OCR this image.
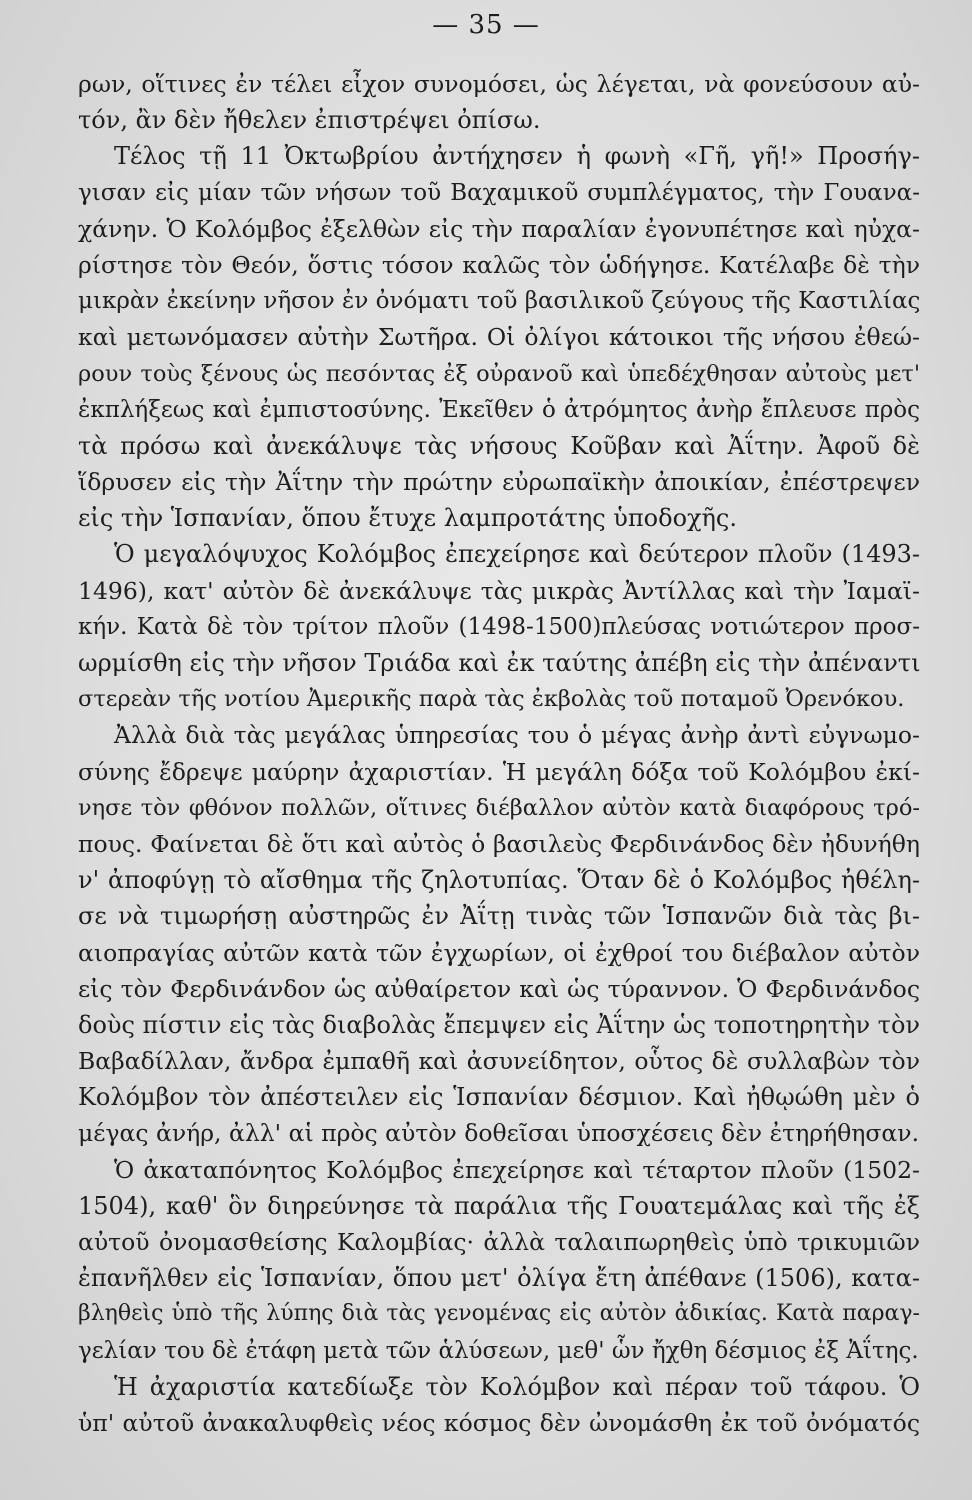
— 35 —
ρων, οἵτινες ἐν τέλει εἶχον συνομόσει, ὡς λέγεται, νὰ φονεύσουν αὐ-
τόν, ἂν δὲν ἤθελεν ἐπιστρέψει ὀπίσω.
Τέλος τῇ 11 Ὀκτωβρίου ἀντήχησεν ἡ φωνὴ «Γῆ, γῆ!» Προσήγ-
γισαν εἰς μίαν τῶν νήσων τοῦ Βαχαμικοῦ συμπλέγματος, τὴν Γουανα-
χάνην. Ὁ Κολόμβος ἐξελθὼν εἰς τὴν παραλίαν ἐγονυπέτησε καὶ ηὐχα-
ρίστησε τὸν Θεόν, ὅστις τόσον καλῶς τὸν ὡδήγησε. Κατέλαβε δὲ τὴν
μικρὰν ἐκείνην νῆσον ἐν ὀνόματι τοῦ βασιλικοῦ ζεύγους τῆς Καστιλίας
καὶ μετωνόμασεν αὐτὴν Σωτῆρα. Οἱ ὀλίγοι κάτοικοι τῆς νήσου ἐθεώ-
ρουν τοὺς ξένους ὡς πεσόντας ἐξ οὐρανοῦ καὶ ὑπεδέχθησαν αὐτοὺς μετ'
ἐκπλήξεως καὶ ἐμπιστοσύνης. Ἐκεῖθεν ὁ ἀτρόμητος ἀνὴρ ἔπλευσε πρὸς
τὰ πρόσω καὶ ἀνεκάλυψε τὰς νήσους Κοῦβαν καὶ Ἀΐτην. Ἀφοῦ δὲ
ἵδρυσεν εἰς τὴν Ἀΐτην τὴν πρώτην εὐρωπαϊκὴν ἀποικίαν, ἐπέστρεψεν
εἰς τὴν Ἱσπανίαν, ὅπου ἔτυχε λαμπροτάτης ὑποδοχῆς.
Ὁ μεγαλόψυχος Κολόμβος ἐπεχείρησε καὶ δεύτερον πλοῦν (1493-
1496), κατ' αὐτὸν δὲ ἀνεκάλυψε τὰς μικρὰς Ἀντίλλας καὶ τὴν Ἰαμαϊ-
κήν. Κατὰ δὲ τὸν τρίτον πλοῦν (1498-1500)πλεύσας νοτιώτερον προσ-
ωρμίσθη εἰς τὴν νῆσον Τριάδα καὶ ἐκ ταύτης ἀπέβη εἰς τὴν ἀπέναντι
στερεὰν τῆς νοτίου Ἀμερικῆς παρὰ τὰς ἐκβολὰς τοῦ ποταμοῦ Ὀρενόκου.
Ἀλλὰ διὰ τὰς μεγάλας ὑπηρεσίας του ὁ μέγας ἀνὴρ ἀντὶ εὐγνωμο-
σύνης ἔδρεψε μαύρην ἀχαριστίαν. Ἡ μεγάλη δόξα τοῦ Κολόμβου ἐκί-
νησε τὸν φθόνον πολλῶν, οἵτινες διέβαλλον αὐτὸν κατὰ διαφόρους τρό-
πους. Φαίνεται δὲ ὅτι καὶ αὐτὸς ὁ βασιλεὺς Φερδινάνδος δὲν ἠδυνήθη
ν' ἀποφύγῃ τὸ αἴσθημα τῆς ζηλοτυπίας. Ὅταν δὲ ὁ Κολόμβος ἠθέλη-
σε νὰ τιμωρήσῃ αὐστηρῶς ἐν Ἀΐτῃ τινὰς τῶν Ἱσπανῶν διὰ τὰς βι-
αιοπραγίας αὐτῶν κατὰ τῶν ἐγχωρίων, οἱ ἐχθροί του διέβαλον αὐτὸν
εἰς τὸν Φερδινάνδον ὡς αὐθαίρετον καὶ ὡς τύραννον. Ὁ Φερδινάνδος
δοὺς πίστιν εἰς τὰς διαβολὰς ἔπεμψεν εἰς Ἀΐτην ὡς τοποτηρητὴν τὸν
Βαβαδίλλαν, ἄνδρα ἐμπαθῆ καὶ ἀσυνείδητον, οὗτος δὲ συλλαβὼν τὸν
Κολόμβον τὸν ἀπέστειλεν εἰς Ἱσπανίαν δέσμιον. Καὶ ἠθῳώθη μὲν ὁ
μέγας ἀνήρ, ἀλλ' αἱ πρὸς αὐτὸν δοθεῖσαι ὑποσχέσεις δὲν ἐτηρήθησαν.
Ὁ ἀκαταπόνητος Κολόμβος ἐπεχείρησε καὶ τέταρτον πλοῦν (1502-
1504), καθ' ὃν διηρεύνησε τὰ παράλια τῆς Γουατεμάλας καὶ τῆς ἐξ
αὐτοῦ ὀνομασθείσης Καλομβίας· ἀλλὰ ταλαιπωρηθεὶς ὑπὸ τρικυμιῶν
ἐπανῆλθεν εἰς Ἱσπανίαν, ὅπου μετ' ὀλίγα ἔτη ἀπέθανε (1506), κατα-
βληθεὶς ὑπὸ τῆς λύπης διὰ τὰς γενομένας εἰς αὐτὸν ἀδικίας. Κατὰ παραγ-
γελίαν του δὲ ἐτάφη μετὰ τῶν ἁλύσεων, μεθ' ὧν ἤχθη δέσμιος ἐξ Ἀΐτης.
Ἡ ἀχαριστία κατεδίωξε τὸν Κολόμβον καὶ πέραν τοῦ τάφου. Ὁ
ὑπ' αὐτοῦ ἀνακαλυφθεὶς νέος κόσμος δὲν ὠνομάσθη ἐκ τοῦ ὀνόματός
